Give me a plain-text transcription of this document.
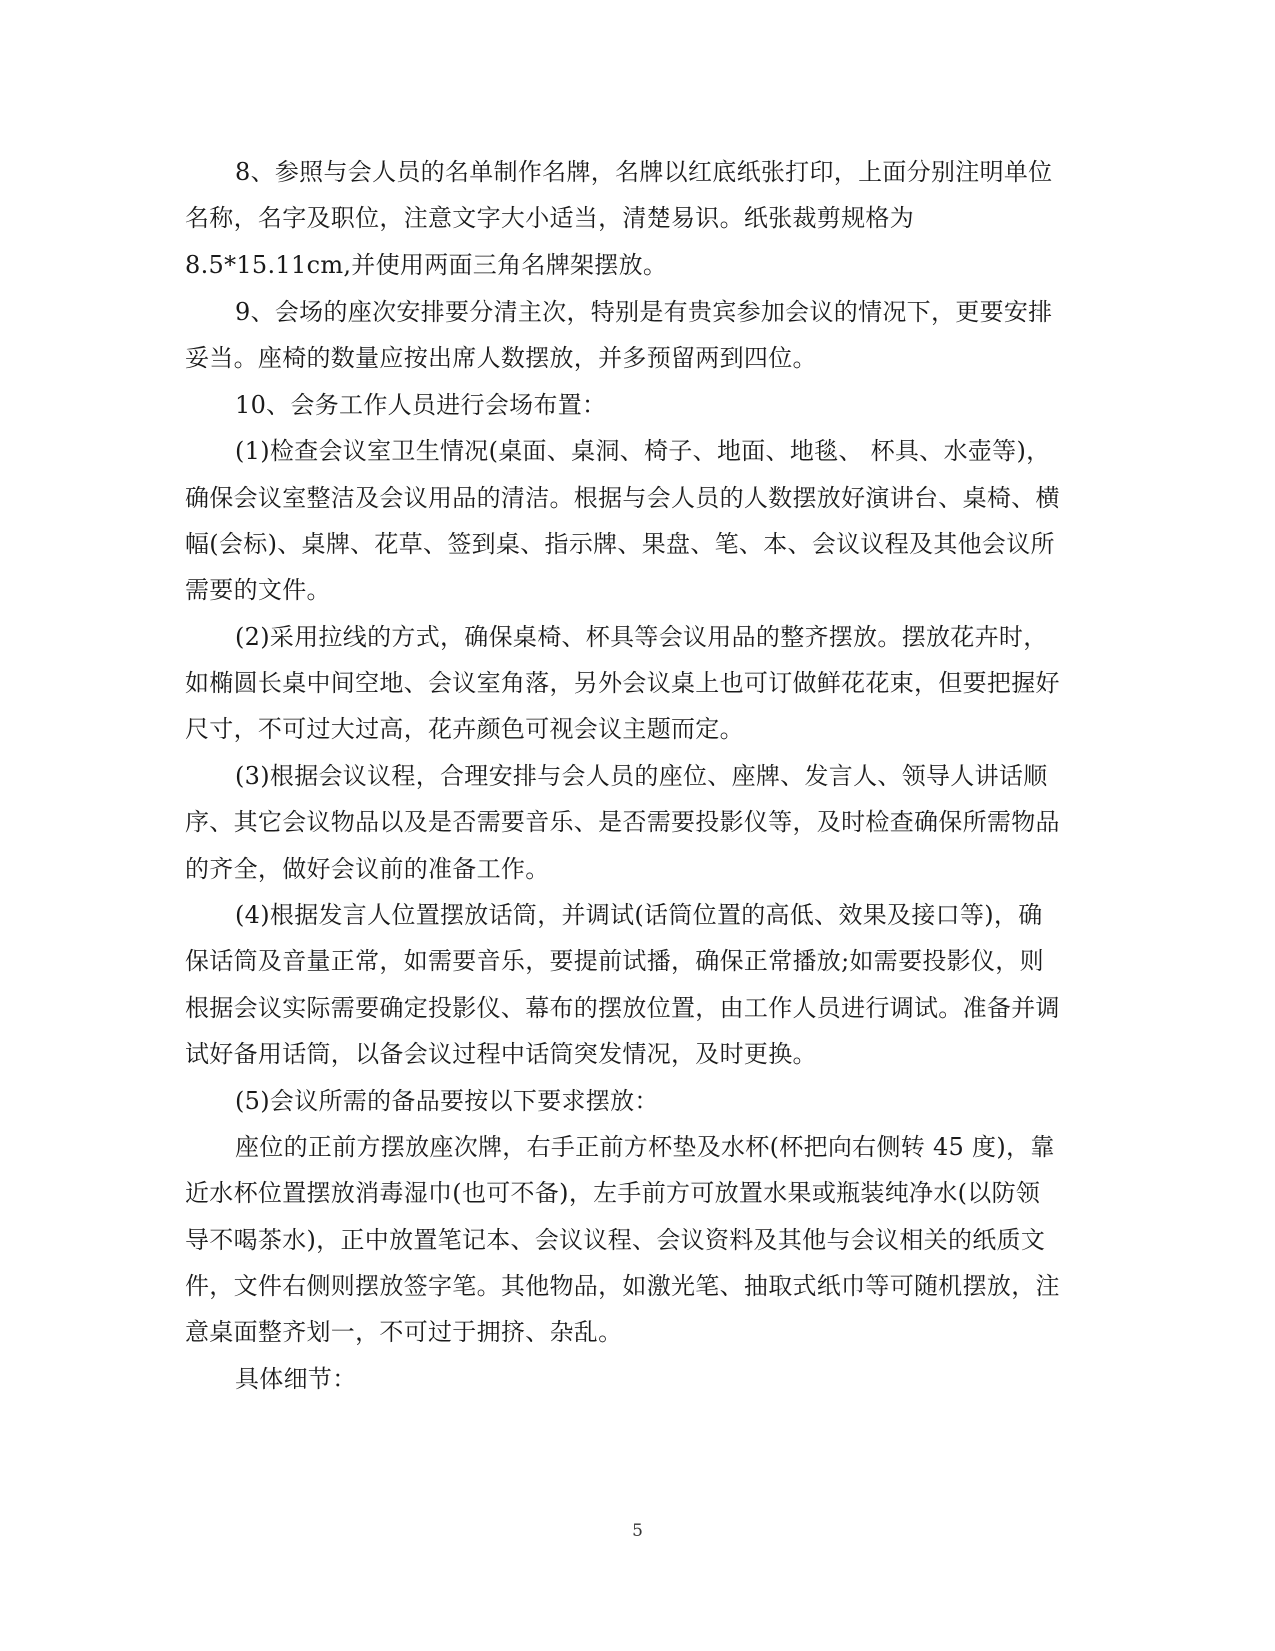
8、参照与会人员的名单制作名牌，名牌以红底纸张打印，上面分别注明单位
名称，名字及职位，注意文字大小适当，清楚易识。纸张裁剪规格为
8.5*15.11cm,并使用两面三角名牌架摆放。
9、会场的座次安排要分清主次，特别是有贵宾参加会议的情况下，更要安排
妥当。座椅的数量应按出席人数摆放，并多预留两到四位。
10、会务工作人员进行会场布置：
(1)检查会议室卫生情况(桌面、桌洞、椅子、地面、地毯、 杯具、水壶等)，
确保会议室整洁及会议用品的清洁。根据与会人员的人数摆放好演讲台、桌椅、横
幅(会标)、桌牌、花草、签到桌、指示牌、果盘、笔、本、会议议程及其他会议所
需要的文件。
(2)采用拉线的方式，确保桌椅、杯具等会议用品的整齐摆放。摆放花卉时，
如椭圆长桌中间空地、会议室角落，另外会议桌上也可订做鲜花花束，但要把握好
尺寸，不可过大过高，花卉颜色可视会议主题而定。
(3)根据会议议程，合理安排与会人员的座位、座牌、发言人、领导人讲话顺
序、其它会议物品以及是否需要音乐、是否需要投影仪等，及时检查确保所需物品
的齐全，做好会议前的准备工作。
(4)根据发言人位置摆放话筒，并调试(话筒位置的高低、效果及接口等)，确
保话筒及音量正常，如需要音乐，要提前试播，确保正常播放;如需要投影仪，则
根据会议实际需要确定投影仪、幕布的摆放位置，由工作人员进行调试。准备并调
试好备用话筒，以备会议过程中话筒突发情况，及时更换。
(5)会议所需的备品要按以下要求摆放：
座位的正前方摆放座次牌，右手正前方杯垫及水杯(杯把向右侧转 45 度)，靠
近水杯位置摆放消毒湿巾(也可不备)，左手前方可放置水果或瓶装纯净水(以防领
导不喝茶水)，正中放置笔记本、会议议程、会议资料及其他与会议相关的纸质文
件，文件右侧则摆放签字笔。其他物品，如激光笔、抽取式纸巾等可随机摆放，注
意桌面整齐划一，不可过于拥挤、杂乱。
具体细节：
5
